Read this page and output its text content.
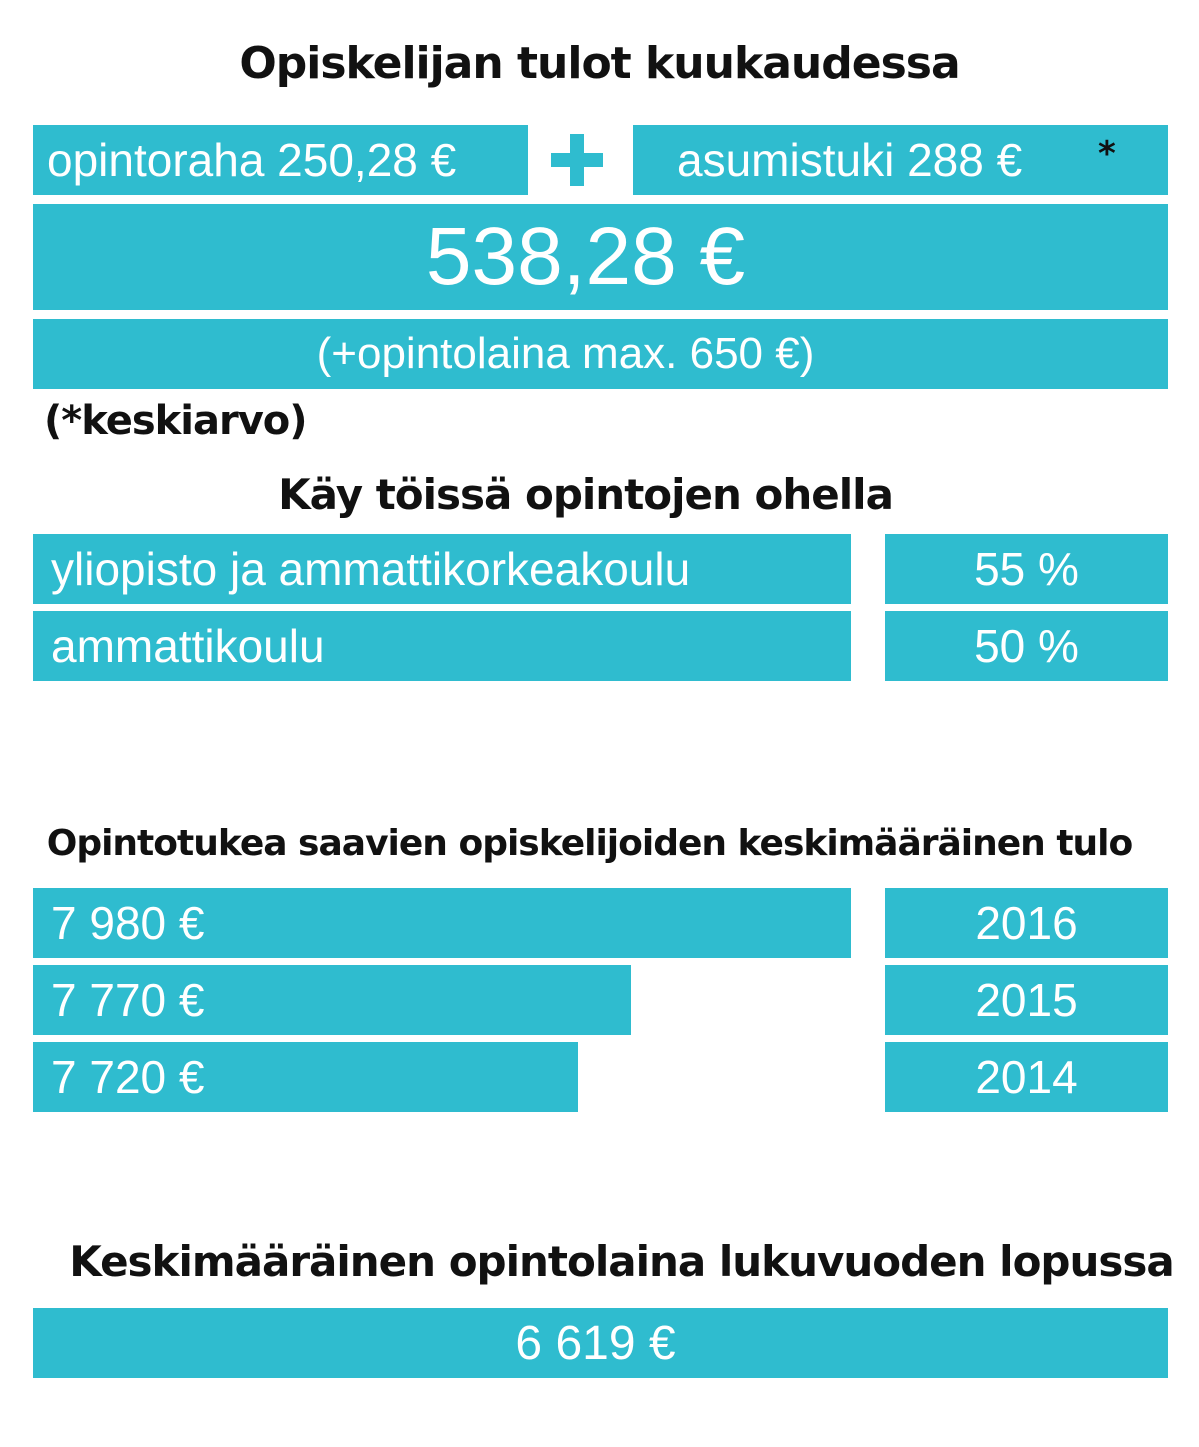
Opiskelijan tulot kuukaudessa
opintoraha 250,28 €	asumistuki 288 € *
538,28 €
(+opintolaina max. 650 €)
(*keskiarvo)
Käy töissä opintojen ohella
yliopisto ja ammattikorkeakoulu	55 %
ammattikoulu	50 %
Opintotukea saavien opiskelijoiden keskimääräinen tulo
7 980 €	2016
7 770 €	2015
7 720 €	2014
Keskimääräinen opintolaina lukuvuoden lopussa
6 619 €
